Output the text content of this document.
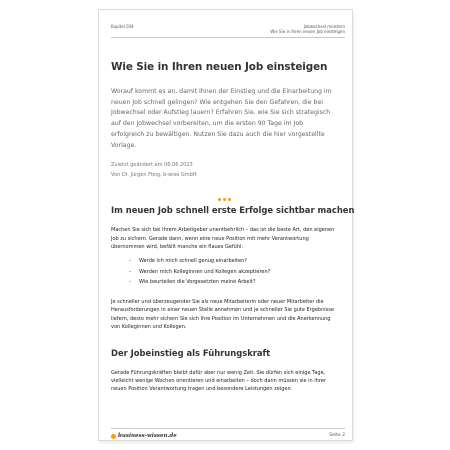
Kapitel 034	Jobwechsel meistern
Wie Sie in Ihren neuen Job einsteigen
Wie Sie in Ihren neuen Job einsteigen

Worauf kommt es an, damit Ihnen der Einstieg und die Einarbeitung im neuen Job schnell gelingen? Wie entgehen Sie den Gefahren, die bei Jobwechsel oder Aufstieg lauern? Erfahren Sie, wie Sie sich strategisch auf den Jobwechsel vorbereiten, um die ersten 90 Tage im Job erfolgreich zu bewältigen. Nutzen Sie dazu auch die hier vorgestellte Vorlage.

Zuletzt geändert am 06.06.2023
Von Dr. Jürgen Fleig, b-wise GmbH
Im neuen Job schnell erste Erfolge sichtbar machen

Machen Sie sich bei Ihrem Arbeitgeber unentbehrlich – das ist die beste Art, den eigenen Job zu sichern. Gerade dann, wenn eine neue Position mit mehr Verantwortung übernommen wird, befällt manche ein flaues Gefühl:

- Werde ich mich schnell genug einarbeiten?
- Werden mich Kolleginnen und Kollegen akzeptieren?
- Wie beurteilen die Vorgesetzten meine Arbeit?

Je schneller und überzeugender Sie als neue Mitarbeiterin oder neuer Mitarbeiter die Herausforderungen in einer neuen Stelle annehmen und je schneller Sie gute Ergebnisse liefern, desto mehr sichern Sie sich Ihre Position im Unternehmen und die Anerkennung von Kolleginnen und Kollegen.

Der Jobeinstieg als Führungskraft

Gerade Führungskräften bleibt dafür aber nur wenig Zeit. Sie dürfen sich einige Tage, vielleicht wenige Wochen orientieren und einarbeiten – doch dann müssen sie in ihrer neuen Position Verantwortung tragen und besondere Leistungen zeigen.

business-wissen.de	Seite 2
